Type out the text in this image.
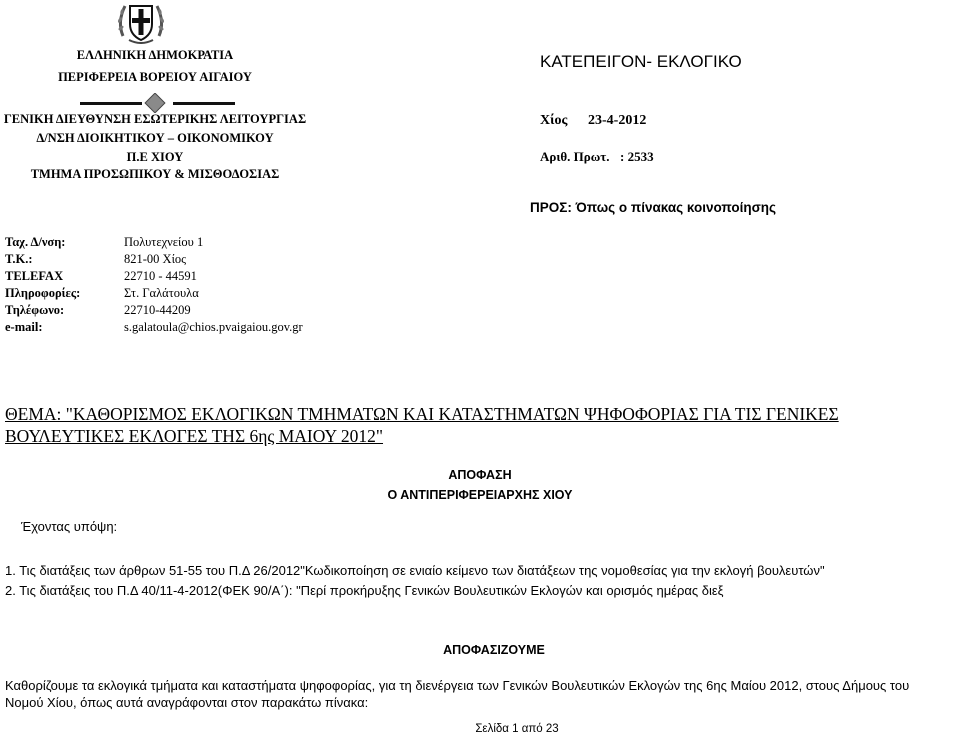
ΕΛΛΗΝΙΚΗ ΔΗΜΟΚΡΑΤΙΑ
ΠΕΡΙΦΕΡΕΙΑ ΒΟΡΕΙΟΥ ΑΙΓΑΙΟΥ
ΓΕΝΙΚΗ ΔΙΕΥΘΥΝΣΗ ΕΣΩΤΕΡΙΚΗΣ ΛΕΙΤΟΥΡΓΙΑΣ
Δ/ΝΣΗ ΔΙΟΙΚΗΤΙΚΟΥ – ΟΙΚΟΝΟΜΙΚΟΥ
Π.Ε ΧΙΟΥ
ΤΜΗΜΑ ΠΡΟΣΩΠΙΚΟΥ & ΜΙΣΘΟΔΟΣΙΑΣ
ΚΑΤΕΠΕΙΓΟΝ- ΕΚΛΟΓΙΚΟ
Χίος 23-4-2012
Αριθ. Πρωτ. : 2533
ΠΡΟΣ: Όπως ο πίνακας κοινοποίησης
Ταχ. Δ/νση:	Πολυτεχνείου 1
Τ.Κ.:	821-00 Χίος
TELEFAX	22710 - 44591
Πληροφορίες:	Στ. Γαλάτουλα
Τηλέφωνο:	22710-44209
e-mail:	s.galatoula@chios.pvaigaiou.gov.gr
ΘΕΜΑ: "ΚΑΘΟΡΙΣΜΟΣ ΕΚΛΟΓΙΚΩΝ ΤΜΗΜΑΤΩΝ ΚΑΙ ΚΑΤΑΣΤΗΜΑΤΩΝ ΨΗΦΟΦΟΡΙΑΣ ΓΙΑ ΤΙΣ ΓΕΝΙΚΕΣ
ΒΟΥΛΕΥΤΙΚΕΣ ΕΚΛΟΓΕΣ ΤΗΣ 6ης ΜΑΙΟΥ 2012"
ΑΠΟΦΑΣΗ
Ο ΑΝΤΙΠΕΡΙΦΕΡΕΙΑΡΧΗΣ ΧΙΟΥ
Έχοντας υπόψη:
1. Τις διατάξεις των άρθρων 51-55 του Π.Δ 26/2012"Κωδικοποίηση σε ενιαίο κείμενο των διατάξεων της νομοθεσίας για την εκλογή βουλευτών"
2. Τις διατάξεις του Π.Δ 40/11-4-2012(ΦΕΚ 90/Α΄): "Περί προκήρυξης Γενικών Βουλευτικών Εκλογών και ορισμός ημέρας διεξ
ΑΠΟΦΑΣΙΖΟΥΜΕ
Καθορίζουμε τα εκλογικά τμήματα και καταστήματα ψηφοφορίας, για τη διενέργεια των Γενικών Βουλευτικών Εκλογών της 6ης Μαίου 2012, στους Δήμους του
Νομού Χίου, όπως αυτά αναγράφονται στον παρακάτω πίνακα:
Σελίδα 1 από 23
